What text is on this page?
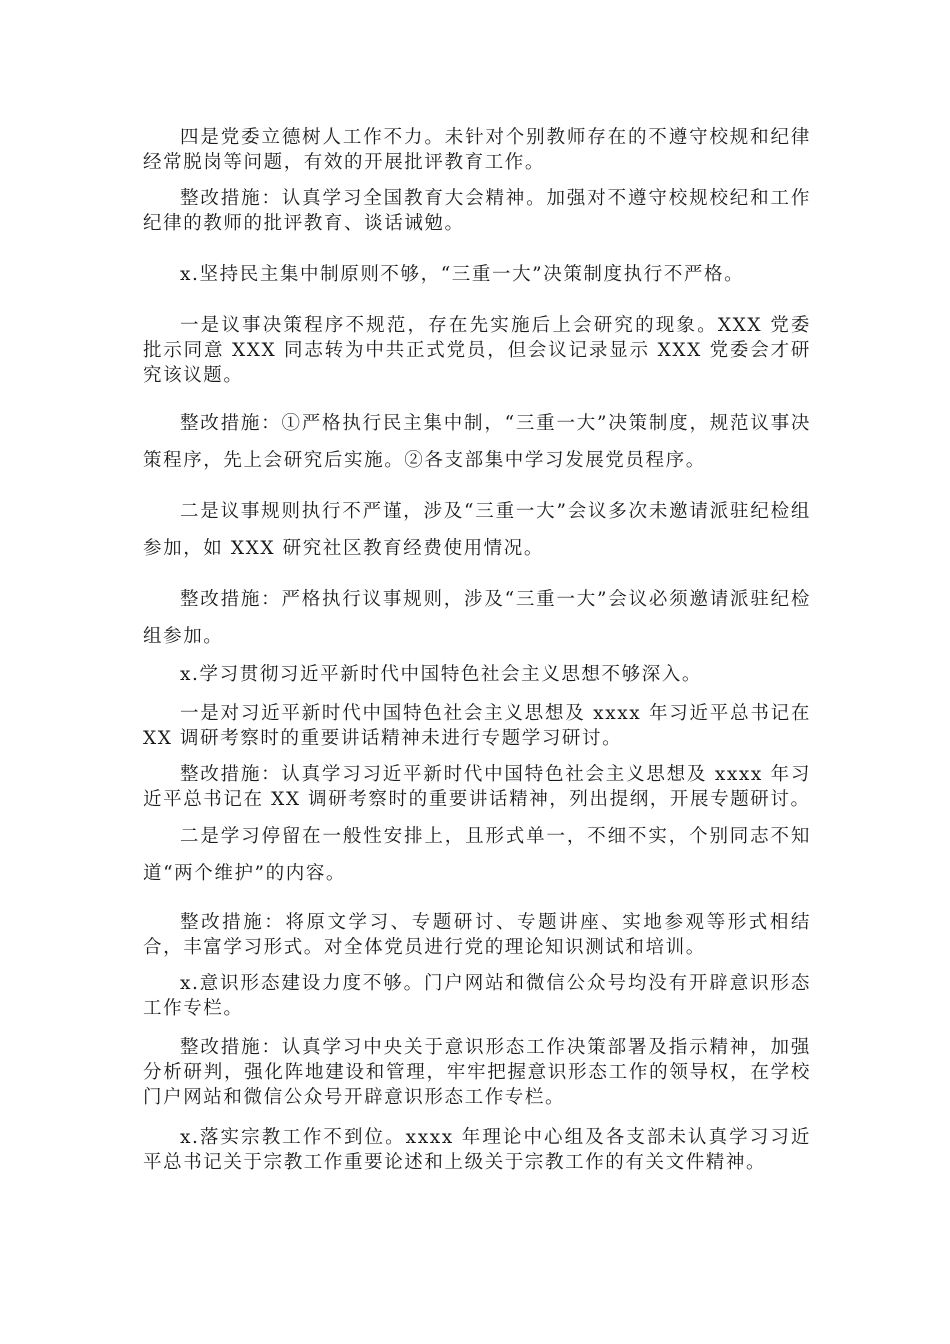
四是党委立德树人工作不力。未针对个别教师存在的不遵守校规和纪律经常脱岗等问题，有效的开展批评教育工作。

整改措施：认真学习全国教育大会精神。加强对不遵守校规校纪和工作纪律的教师的批评教育、谈话诫勉。

x.坚持民主集中制原则不够，“三重一大”决策制度执行不严格。

一是议事决策程序不规范，存在先实施后上会研究的现象。XXX 党委批示同意 XXX 同志转为中共正式党员，但会议记录显示 XXX 党委会才研究该议题。

整改措施：①严格执行民主集中制，“三重一大”决策制度，规范议事决策程序，先上会研究后实施。②各支部集中学习发展党员程序。

二是议事规则执行不严谨，涉及“三重一大”会议多次未邀请派驻纪检组参加，如 XXX 研究社区教育经费使用情况。

整改措施：严格执行议事规则，涉及“三重一大”会议必须邀请派驻纪检组参加。

x.学习贯彻习近平新时代中国特色社会主义思想不够深入。

一是对习近平新时代中国特色社会主义思想及 xxxx 年习近平总书记在 XX 调研考察时的重要讲话精神未进行专题学习研讨。

整改措施：认真学习习近平新时代中国特色社会主义思想及 xxxx 年习近平总书记在 XX 调研考察时的重要讲话精神，列出提纲，开展专题研讨。

二是学习停留在一般性安排上，且形式单一，不细不实，个别同志不知道“两个维护”的内容。

整改措施：将原文学习、专题研讨、专题讲座、实地参观等形式相结合，丰富学习形式。对全体党员进行党的理论知识测试和培训。

x.意识形态建设力度不够。门户网站和微信公众号均没有开辟意识形态工作专栏。

整改措施：认真学习中央关于意识形态工作决策部署及指示精神，加强分析研判，强化阵地建设和管理，牢牢把握意识形态工作的领导权，在学校门户网站和微信公众号开辟意识形态工作专栏。

x.落实宗教工作不到位。xxxx 年理论中心组及各支部未认真学习习近平总书记关于宗教工作重要论述和上级关于宗教工作的有关文件精神。
